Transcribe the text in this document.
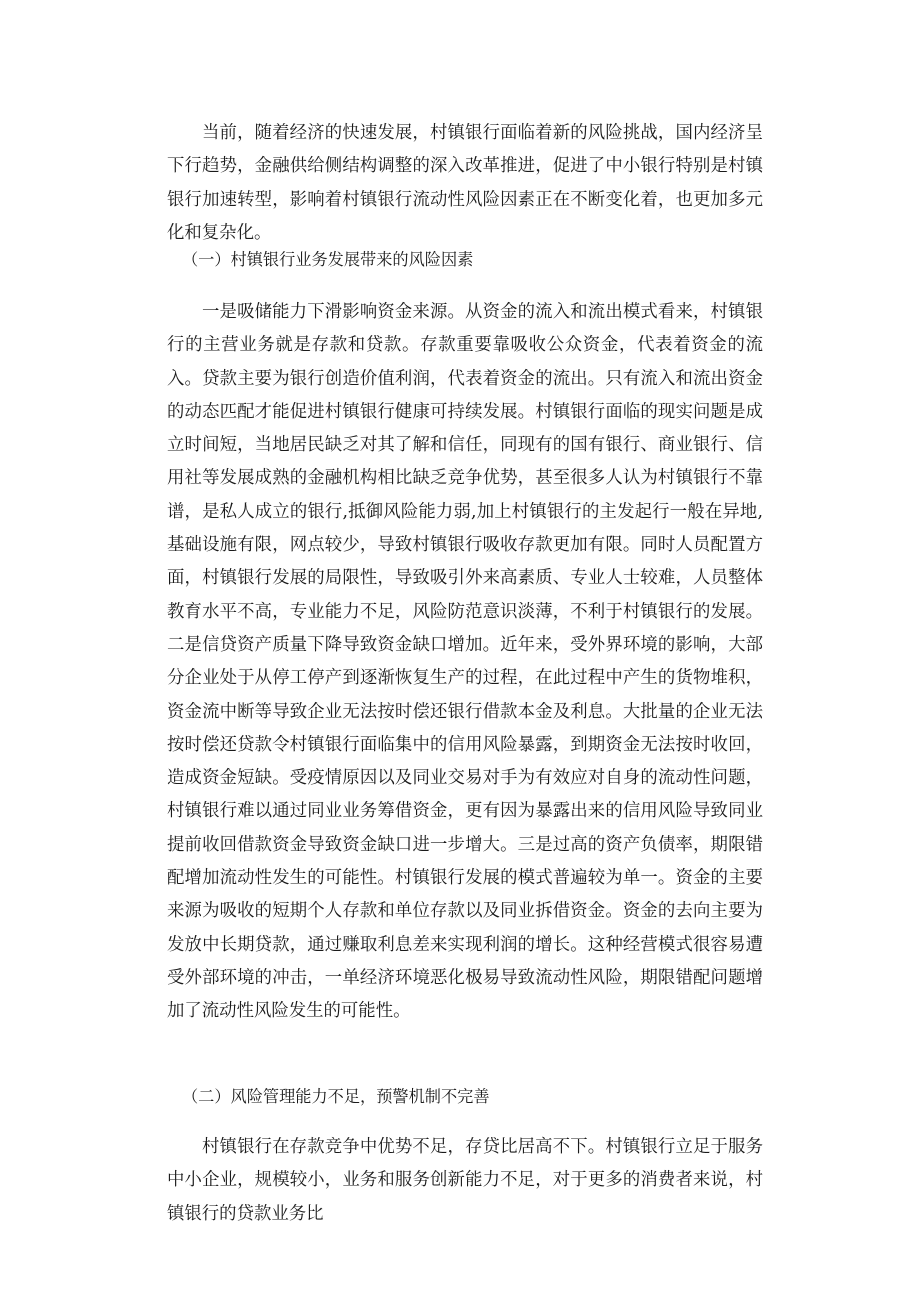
当前，随着经济的快速发展，村镇银行面临着新的风险挑战，国内经济呈下行趋势，金融供给侧结构调整的深入改革推进，促进了中小银行特别是村镇银行加速转型，影响着村镇银行流动性风险因素正在不断变化着，也更加多元化和复杂化。

（一）村镇银行业务发展带来的风险因素

一是吸储能力下滑影响资金来源。从资金的流入和流出模式看来，村镇银行的主营业务就是存款和贷款。存款重要靠吸收公众资金，代表着资金的流入。贷款主要为银行创造价值利润，代表着资金的流出。只有流入和流出资金的动态匹配才能促进村镇银行健康可持续发展。村镇银行面临的现实问题是成立时间短，当地居民缺乏对其了解和信任，同现有的国有银行、商业银行、信用社等发展成熟的金融机构相比缺乏竞争优势，甚至很多人认为村镇银行不靠谱，是私人成立的银行,抵御风险能力弱,加上村镇银行的主发起行一般在异地,基础设施有限，网点较少，导致村镇银行吸收存款更加有限。同时人员配置方面，村镇银行发展的局限性，导致吸引外来高素质、专业人士较难，人员整体教育水平不高，专业能力不足，风险防范意识淡薄，不利于村镇银行的发展。二是信贷资产质量下降导致资金缺口增加。近年来，受外界环境的影响，大部分企业处于从停工停产到逐渐恢复生产的过程，在此过程中产生的货物堆积，资金流中断等导致企业无法按时偿还银行借款本金及利息。大批量的企业无法按时偿还贷款令村镇银行面临集中的信用风险暴露，到期资金无法按时收回，造成资金短缺。受疫情原因以及同业交易对手为有效应对自身的流动性问题，村镇银行难以通过同业业务筹借资金，更有因为暴露出来的信用风险导致同业提前收回借款资金导致资金缺口进一步增大。三是过高的资产负债率，期限错配增加流动性发生的可能性。村镇银行发展的模式普遍较为单一。资金的主要来源为吸收的短期个人存款和单位存款以及同业拆借资金。资金的去向主要为发放中长期贷款，通过赚取利息差来实现利润的增长。这种经营模式很容易遭受外部环境的冲击，一单经济环境恶化极易导致流动性风险，期限错配问题增加了流动性风险发生的可能性。

（二）风险管理能力不足，预警机制不完善

村镇银行在存款竞争中优势不足，存贷比居高不下。村镇银行立足于服务中小企业，规模较小，业务和服务创新能力不足，对于更多的消费者来说，村镇银行的贷款业务比
